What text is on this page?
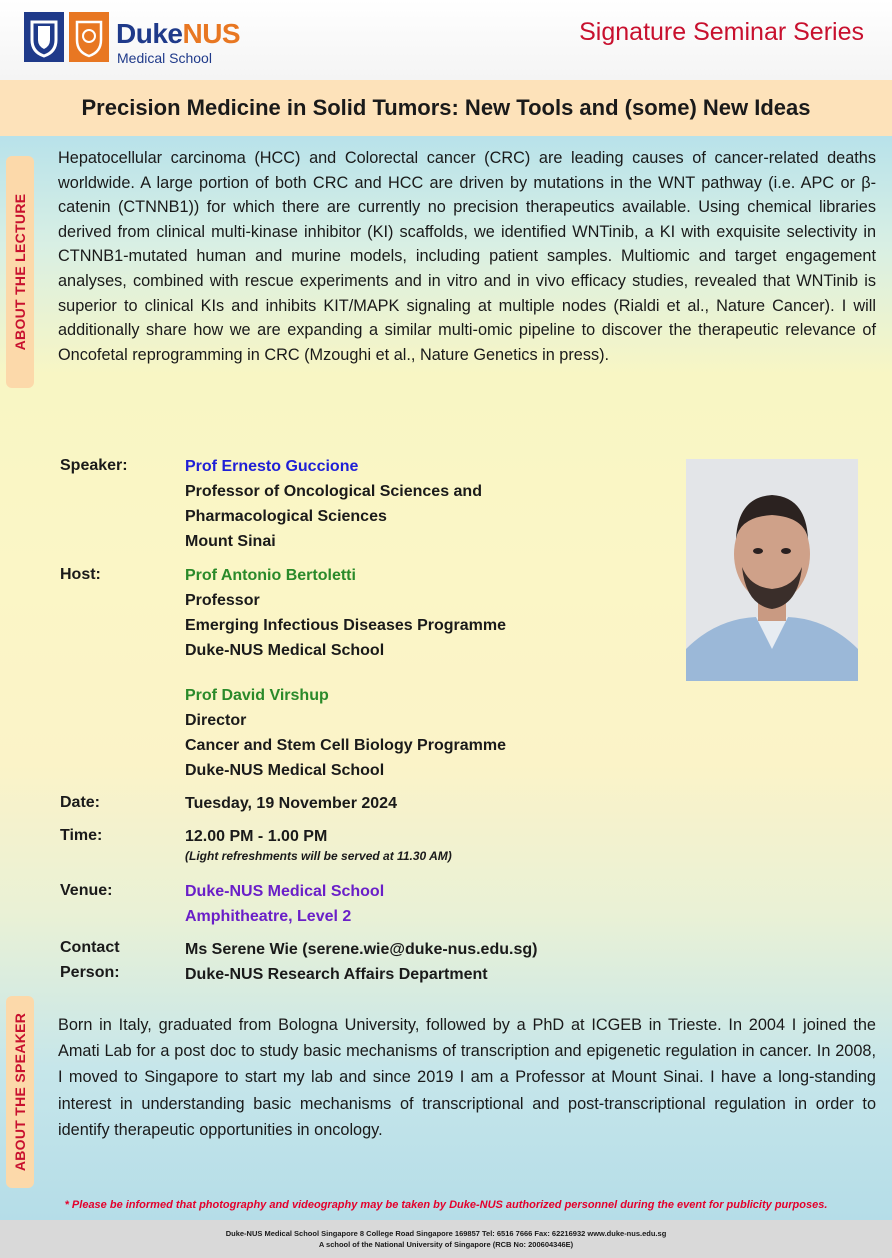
DukeNUS
Medical School
Signature Seminar Series
Precision Medicine in Solid Tumors: New Tools and (some) New Ideas
ABOUT THE LECTURE
Hepatocellular carcinoma (HCC) and Colorectal cancer (CRC) are leading causes of cancer-related deaths worldwide. A large portion of both CRC and HCC are driven by mutations in the WNT pathway (i.e. APC or β-catenin (CTNNB1)) for which there are currently no precision therapeutics available. Using chemical libraries derived from clinical multi-kinase inhibitor (KI) scaffolds, we identified WNTinib, a KI with exquisite selectivity in CTNNB1-mutated human and murine models, including patient samples. Multiomic and target engagement analyses, combined with rescue experiments and in vitro and in vivo efficacy studies, revealed that WNTinib is superior to clinical KIs and inhibits KIT/MAPK signaling at multiple nodes (Rialdi et al., Nature Cancer). I will additionally share how we are expanding a similar multi-omic pipeline to discover the therapeutic relevance of Oncofetal reprogramming in CRC (Mzoughi et al., Nature Genetics in press).
Speaker:	Prof Ernesto Guccione
Professor of Oncological Sciences and
Pharmacological Sciences
Mount Sinai
Host:	Prof Antonio Bertoletti
Professor
Emerging Infectious Diseases Programme
Duke-NUS Medical School
Prof David Virshup
Director
Cancer and Stem Cell Biology Programme
Duke-NUS Medical School
Date:	Tuesday, 19 November 2024
Time:	12.00 PM - 1.00 PM
(Light refreshments will be served at 11.30 AM)
Venue:	Duke-NUS Medical School
Amphitheatre, Level 2
Contact
Person:
Ms Serene Wie (serene.wie@duke-nus.edu.sg)
Duke-NUS Research Affairs Department
ABOUT THE SPEAKER Born in Italy, graduated from Bologna University, followed by a PhD at ICGEB in Trieste. In 2004 I joined the Amati Lab for a post doc to study basic mechanisms of transcription and epigenetic regulation in cancer. In 2008, I moved to Singapore to start my lab and since 2019 I am a Professor at Mount Sinai. I have a long-standing interest in understanding basic mechanisms of transcriptional and post-transcriptional regulation in order to identify therapeutic opportunities in oncology.
* Please be informed that photography and videography may be taken by Duke-NUS authorized personnel during the event for publicity purposes.
Duke-NUS Medical School Singapore 8 College Road Singapore 169857 Tel: 6516 7666 Fax: 62216932 www.duke-nus.edu.sg
A school of the National University of Singapore (RCB No: 200604346E)
